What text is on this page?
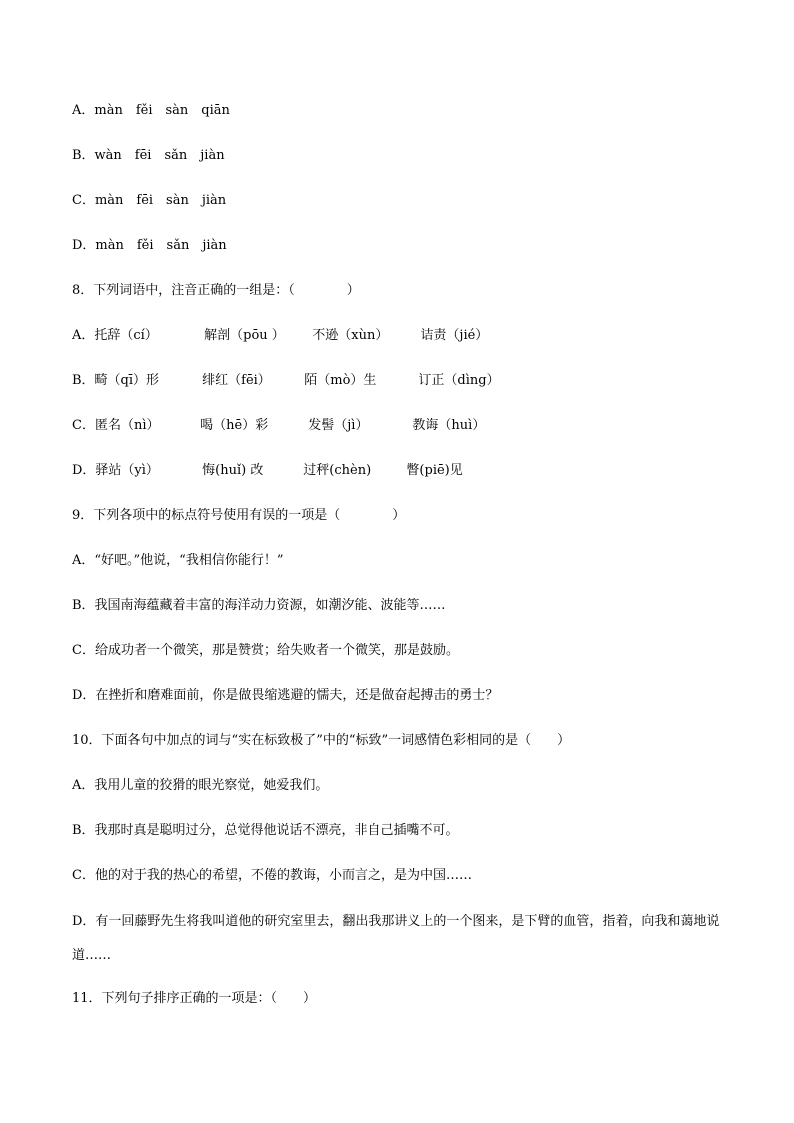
A．màn　fěi　sàn　qiān
B．wàn　fēi　sǎn　jiàn
C．màn　fēi　sàn　jiàn
D．màn　fěi　sǎn　jiàn
8．下列词语中，注音正确的一组是：（　　　　）
A．托辞（cí）	解剖（pōu ） 不逊（xùn） 诘责（jié）
B．畸（qī）形	绯红（fēi）	陌（mò）生	订正（dìng）
C．匿名（nì）	喝（hē）彩	发髻（jì）	教诲（huì）
D．驿站（yì）	悔(huǐ) 改	过秤(chèn)	瞥(piē)见
9．下列各项中的标点符号使用有误的一项是（　　　　）
A．“好吧。”他说，“我相信你能行！”
B．我国南海蕴藏着丰富的海洋动力资源，如潮汐能、波能等……
C．给成功者一个微笑，那是赞赏；给失败者一个微笑，那是鼓励。
D．在挫折和磨难面前，你是做畏缩逃避的懦夫，还是做奋起搏击的勇士？
10．下面各句中加点的词与“实在标致极了”中的“标致”一词感情色彩相同的是（　　）
A．我用儿童的狡猾的眼光察觉，她爱我们。
B．我那时真是聪明过分，总觉得他说话不漂亮，非自己插嘴不可。
C．他的对于我的热心的希望，不倦的教诲，小而言之，是为中国……
D．有一回藤野先生将我叫道他的研究室里去，翻出我那讲义上的一个图来，是下臂的血管，指着，向我和蔼地说道……
11．下列句子排序正确的一项是：（　　）
